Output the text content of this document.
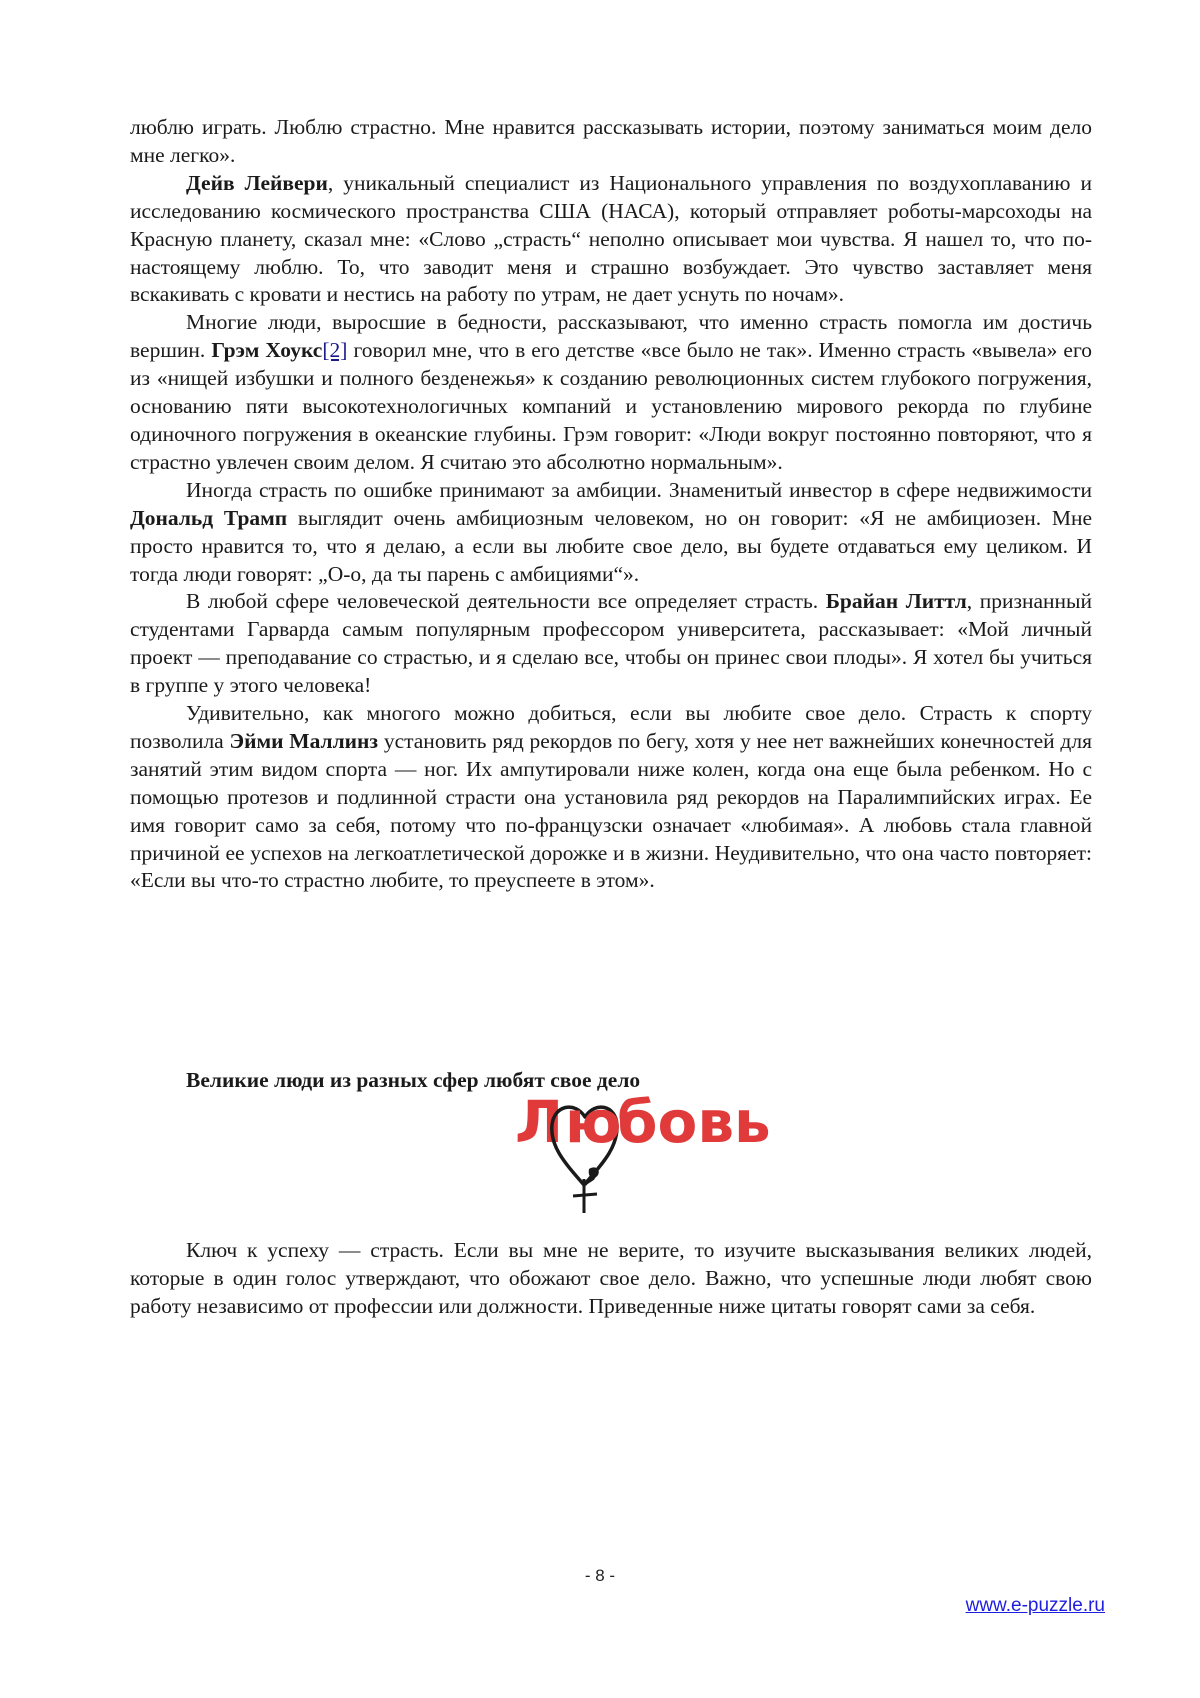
люблю играть. Люблю страстно. Мне нравится рассказывать истории, поэтому заниматься моим дело мне легко».

Дейв Лейвери, уникальный специалист из Национального управления по воздухоплаванию и исследованию космического пространства США (НАСА), который отправляет роботы-марсоходы на Красную планету, сказал мне: «Слово „страсть“ неполно описывает мои чувства. Я нашел то, что по-настоящему люблю. То, что заводит меня и страшно возбуждает. Это чувство заставляет меня вскакивать с кровати и нестись на работу по утрам, не дает уснуть по ночам».

Многие люди, выросшие в бедности, рассказывают, что именно страсть помогла им достичь вершин. Грэм Хоукс[2] говорил мне, что в его детстве «все было не так». Именно страсть «вывела» его из «нищей избушки и полного безденежья» к созданию революционных систем глубокого погружения, основанию пяти высокотехнологичных компаний и установлению мирового рекорда по глубине одиночного погружения в океанские глубины. Грэм говорит: «Люди вокруг постоянно повторяют, что я страстно увлечен своим делом. Я считаю это абсолютно нормальным».

Иногда страсть по ошибке принимают за амбиции. Знаменитый инвестор в сфере недвижимости Дональд Трамп выглядит очень амбициозным человеком, но он говорит: «Я не амбициозен. Мне просто нравится то, что я делаю, а если вы любите свое дело, вы будете отдаваться ему целиком. И тогда люди говорят: „О-о, да ты парень с амбициями“».

В любой сфере человеческой деятельности все определяет страсть. Брайан Литтл, признанный студентами Гарварда самым популярным профессором университета, рассказывает: «Мой личный проект — преподавание со страстью, и я сделаю все, чтобы он принес свои плоды». Я хотел бы учиться в группе у этого человека!

Удивительно, как многого можно добиться, если вы любите свое дело. Страсть к спорту позволила Эйми Маллинз установить ряд рекордов по бегу, хотя у нее нет важнейших конечностей для занятий этим видом спорта — ног. Их ампутировали ниже колен, когда она еще была ребенком. Но с помощью протезов и подлинной страсти она установила ряд рекордов на Паралимпийских играх. Ее имя говорит само за себя, потому что по-французски означает «любимая». А любовь стала главной причиной ее успехов на легкоатлетической дорожке и в жизни. Неудивительно, что она часто повторяет: «Если вы что-то страстно любите, то преуспеете в этом».

Великие люди из разных сфер любят свое дело
Л ю
бовь

Ключ к успеху — страсть. Если вы мне не верите, то изучите высказывания великих людей, которые в один голос утверждают, что обожают свое дело. Важно, что успешные люди любят свою работу независимо от профессии или должности. Приведенные ниже цитаты говорят сами за себя.

- 8 -
www.e-puzzle.ru
